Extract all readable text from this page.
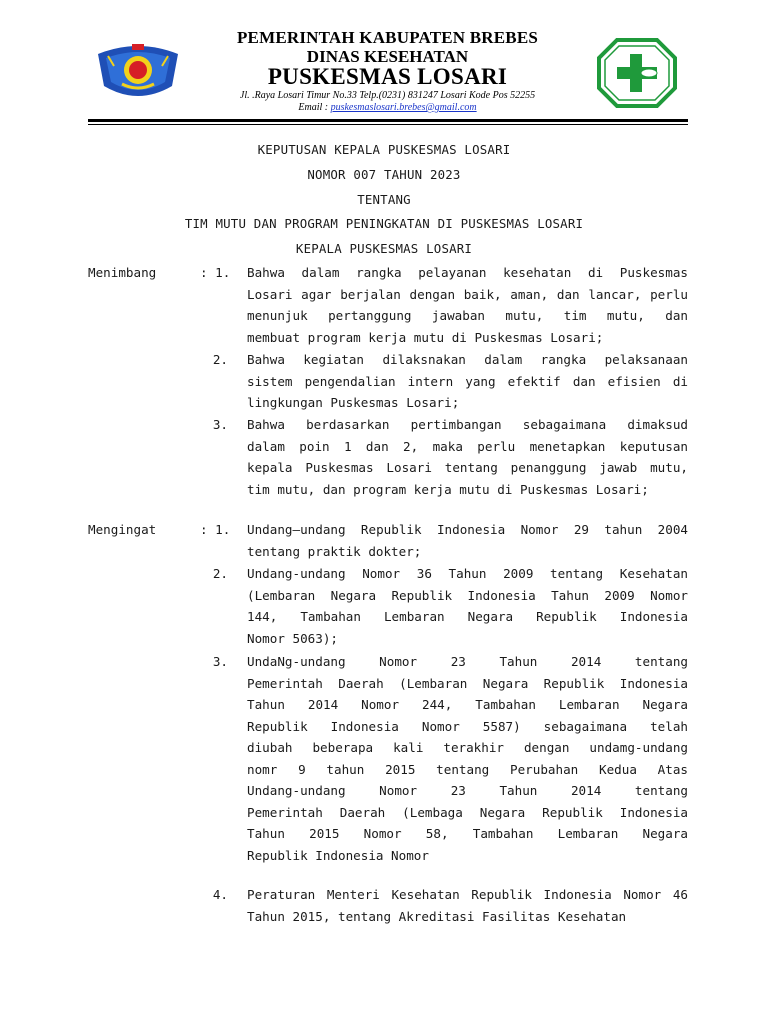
PEMERINTAH KABUPATEN BREBES
DINAS KESEHATAN
PUSKESMAS LOSARI
Jl. .Raya Losari Timur No.33 Telp.(0231) 831247 Losari Kode Pos 52255
Email : puskesmaslosari.brebes@gmail.com
KEPUTUSAN KEPALA PUSKESMAS LOSARI
NOMOR 007 TAHUN 2023
TENTANG
TIM MUTU DAN PROGRAM PENINGKATAN DI PUSKESMAS LOSARI
KEPALA PUSKESMAS LOSARI
Menimbang	: 1. Bahwa dalam rangka pelayanan kesehatan di Puskesmas
Losari agar berjalan dengan baik, aman, dan lancar, perlu
menunjuk pertanggung jawaban mutu, tim mutu, dan
membuat program kerja mutu di Puskesmas Losari;
2. Bahwa kegiatan dilaksnakan dalam rangka pelaksanaan
sistem pengendalian intern yang efektif dan efisien di
lingkungan Puskesmas Losari;
3. Bahwa berdasarkan pertimbangan sebagaimana dimaksud
dalam poin 1 dan 2, maka perlu menetapkan keputusan
kepala Puskesmas Losari tentang penanggung jawab mutu,
tim mutu, dan program kerja mutu di Puskesmas Losari;
Mengingat	: 1. Undang–undang Republik Indonesia Nomor 29 tahun 2004
tentang praktik dokter;
2. Undang-undang Nomor 36 Tahun 2009 tentang Kesehatan
(Lembaran Negara Republik Indonesia Tahun 2009 Nomor
144, Tambahan Lembaran Negara Republik Indonesia
Nomor 5063);
3. UndaNg-undang Nomor 23 Tahun 2014 tentang
Pemerintah Daerah (Lembaran Negara Republik Indonesia
Tahun 2014 Nomor 244, Tambahan Lembaran Negara
Republik Indonesia Nomor 5587) sebagaimana telah
diubah beberapa kali terakhir dengan undamg-undang
nomr 9 tahun 2015 tentang Perubahan Kedua Atas
Undang-undang Nomor 23 Tahun 2014 tentang
Pemerintah Daerah (Lembaga Negara Republik Indonesia
Tahun 2015 Nomor 58, Tambahan Lembaran Negara
Republik Indonesia Nomor
4. Peraturan Menteri Kesehatan Republik Indonesia Nomor 46
Tahun 2015, tentang Akreditasi Fasilitas Kesehatan
